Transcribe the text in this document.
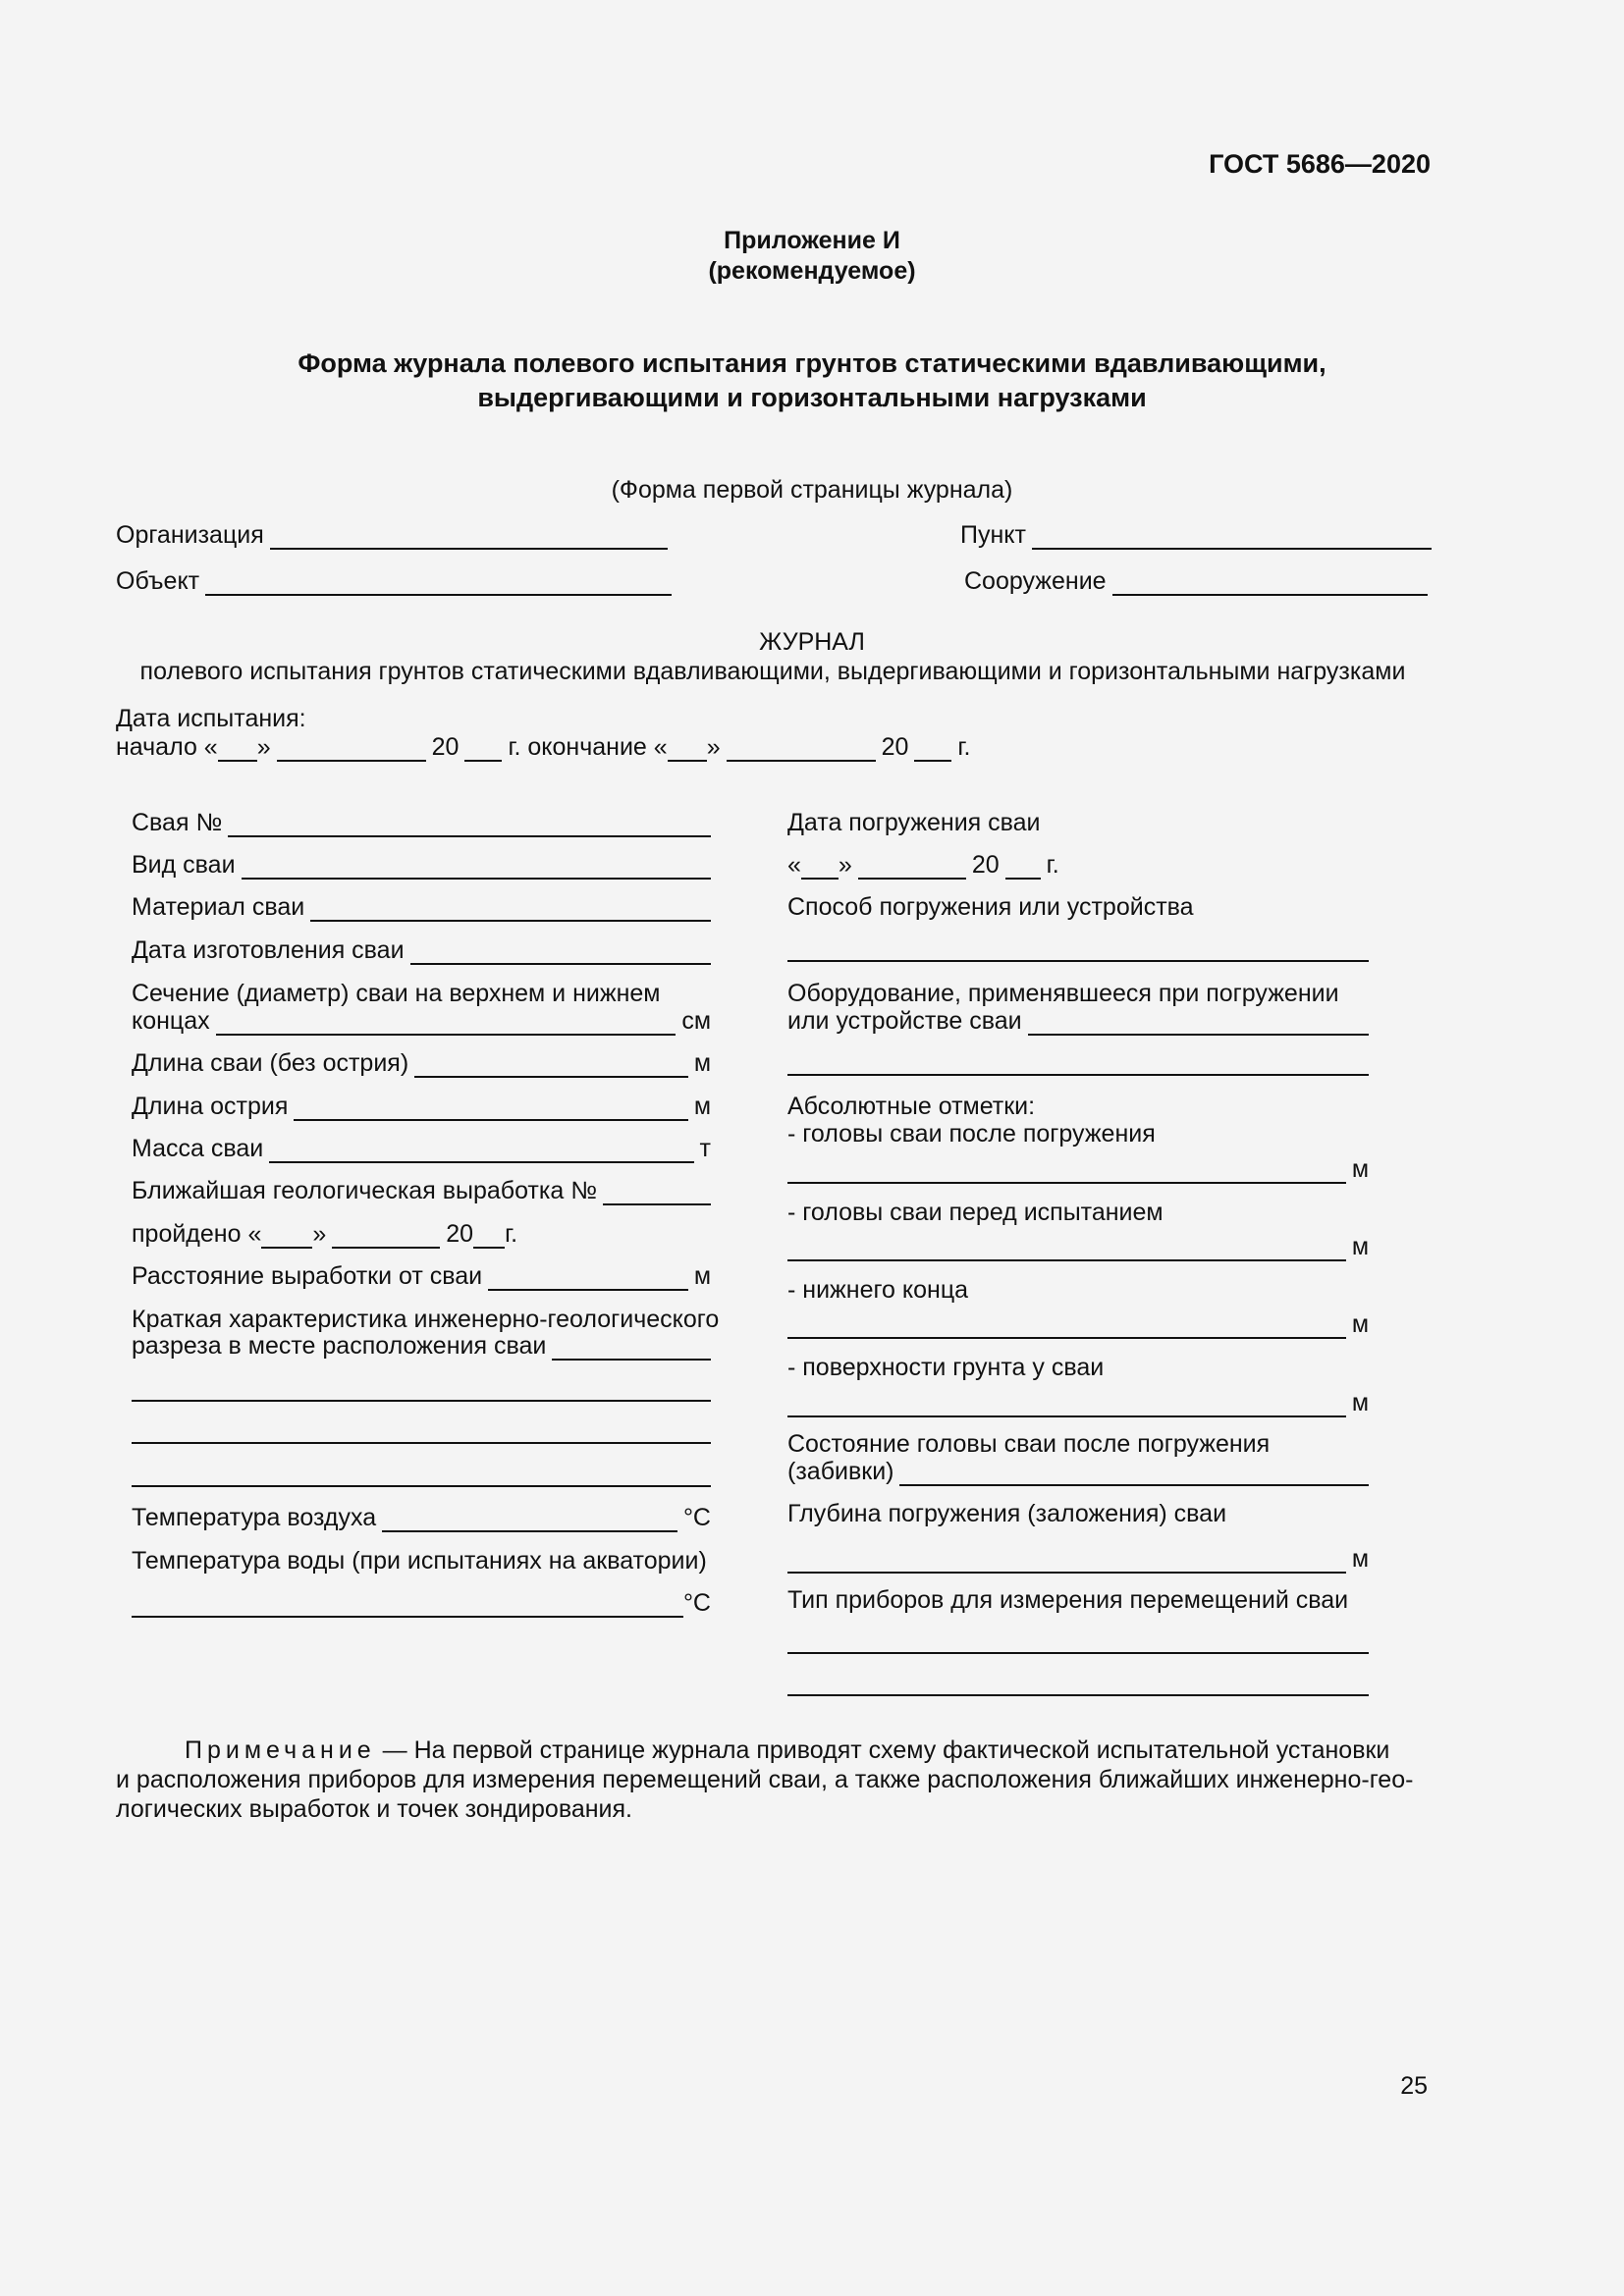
ГОСТ 5686—2020
Приложение И
(рекомендуемое)
Форма журнала полевого испытания грунтов статическими вдавливающими,
выдергивающими и горизонтальными нагрузками
(Форма первой страницы журнала)
Организация	Пункт
Объект	Сооружение
ЖУРНАЛ
полевого испытания грунтов статическими вдавливающими, выдергивающими и горизонтальными нагрузками
Дата испытания:
начало « »	20 г. окончание « »	20 г.
Свая №
Вид сваи
Материал сваи
Дата изготовления сваи
Сечение (диаметр) сваи на верхнем и нижнем
концах	см
Длина сваи (без острия)	м
Длина острия	м
Масса сваи	т
Ближайшая геологическая выработка №
пройдено « »	20 г.
Расстояние выработки от сваи	м
Краткая характеристика инженерно-геологического
разреза в месте расположения сваи
Температура воздуха	°С
Температура воды (при испытаниях на акватории)
°С
Дата погружения сваи
« »	20 г.
Способ погружения или устройства
Оборудование, применявшееся при погружении
или устройстве сваи
Абсолютные отметки:
- головы сваи после погружения
м
- головы сваи перед испытанием
м
- нижнего конца
м
- поверхности грунта у сваи
м
Состояние головы сваи после погружения
(забивки)
Глубина погружения (заложения) сваи
м
Тип приборов для измерения перемещений сваи
Примечание — На первой странице журнала приводят схему фактической испытательной установки
и расположения приборов для измерения перемещений сваи, а также расположения ближайших инженерно-гео-
логических выработок и точек зондирования.
25
